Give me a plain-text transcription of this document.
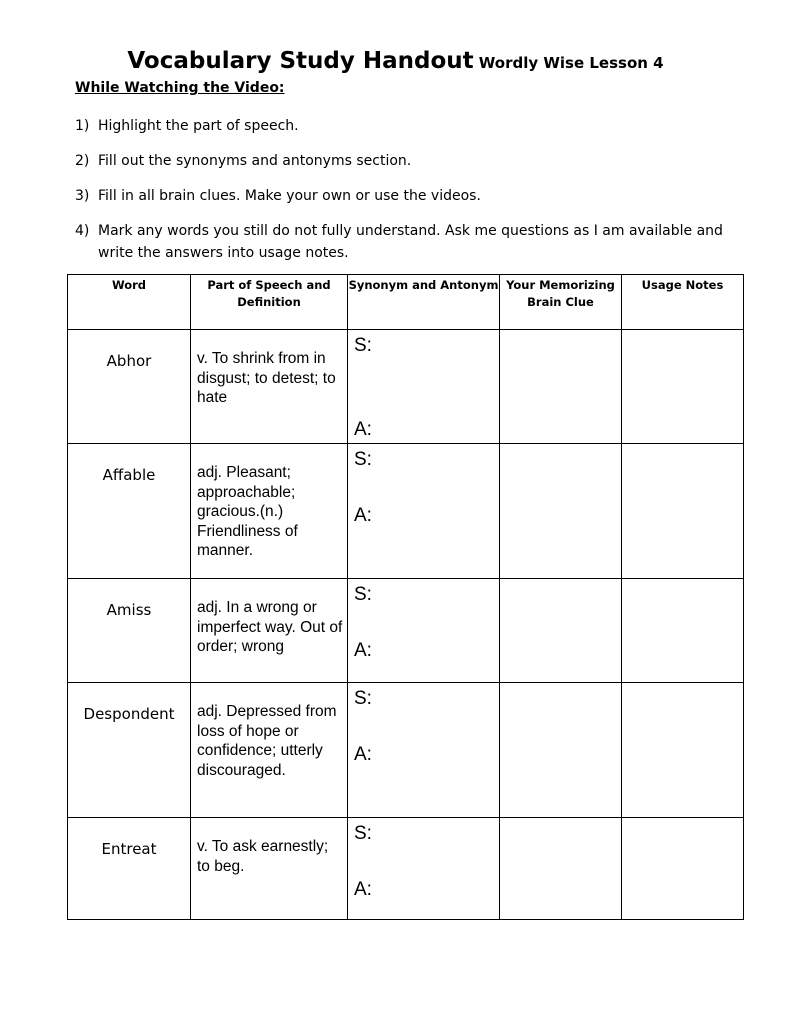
Vocabulary Study Handout Wordly Wise Lesson 4
While Watching the Video:
1) Highlight the part of speech.
2) Fill out the synonyms and antonyms section.
3) Fill in all brain clues. Make your own or use the videos.
4) Mark any words you still do not fully understand. Ask me questions as I am available and write the answers into usage notes.
Word	Part of Speech and Definition	Synonym and Antonym	Your Memorizing Brain Clue	Usage Notes
Abhor	v. To shrink from in disgust; to detest; to hate	S:
A:		

Affable	adj. Pleasant; approachable; gracious.(n.) Friendliness of manner.	S:
A:		

Amiss	adj. In a wrong or imperfect way. Out of order; wrong	S:
A:		

Despondent	adj. Depressed from loss of hope or confidence; utterly discouraged.	S:
A:		

Entreat	v. To ask earnestly; to beg.	S:
A:		
